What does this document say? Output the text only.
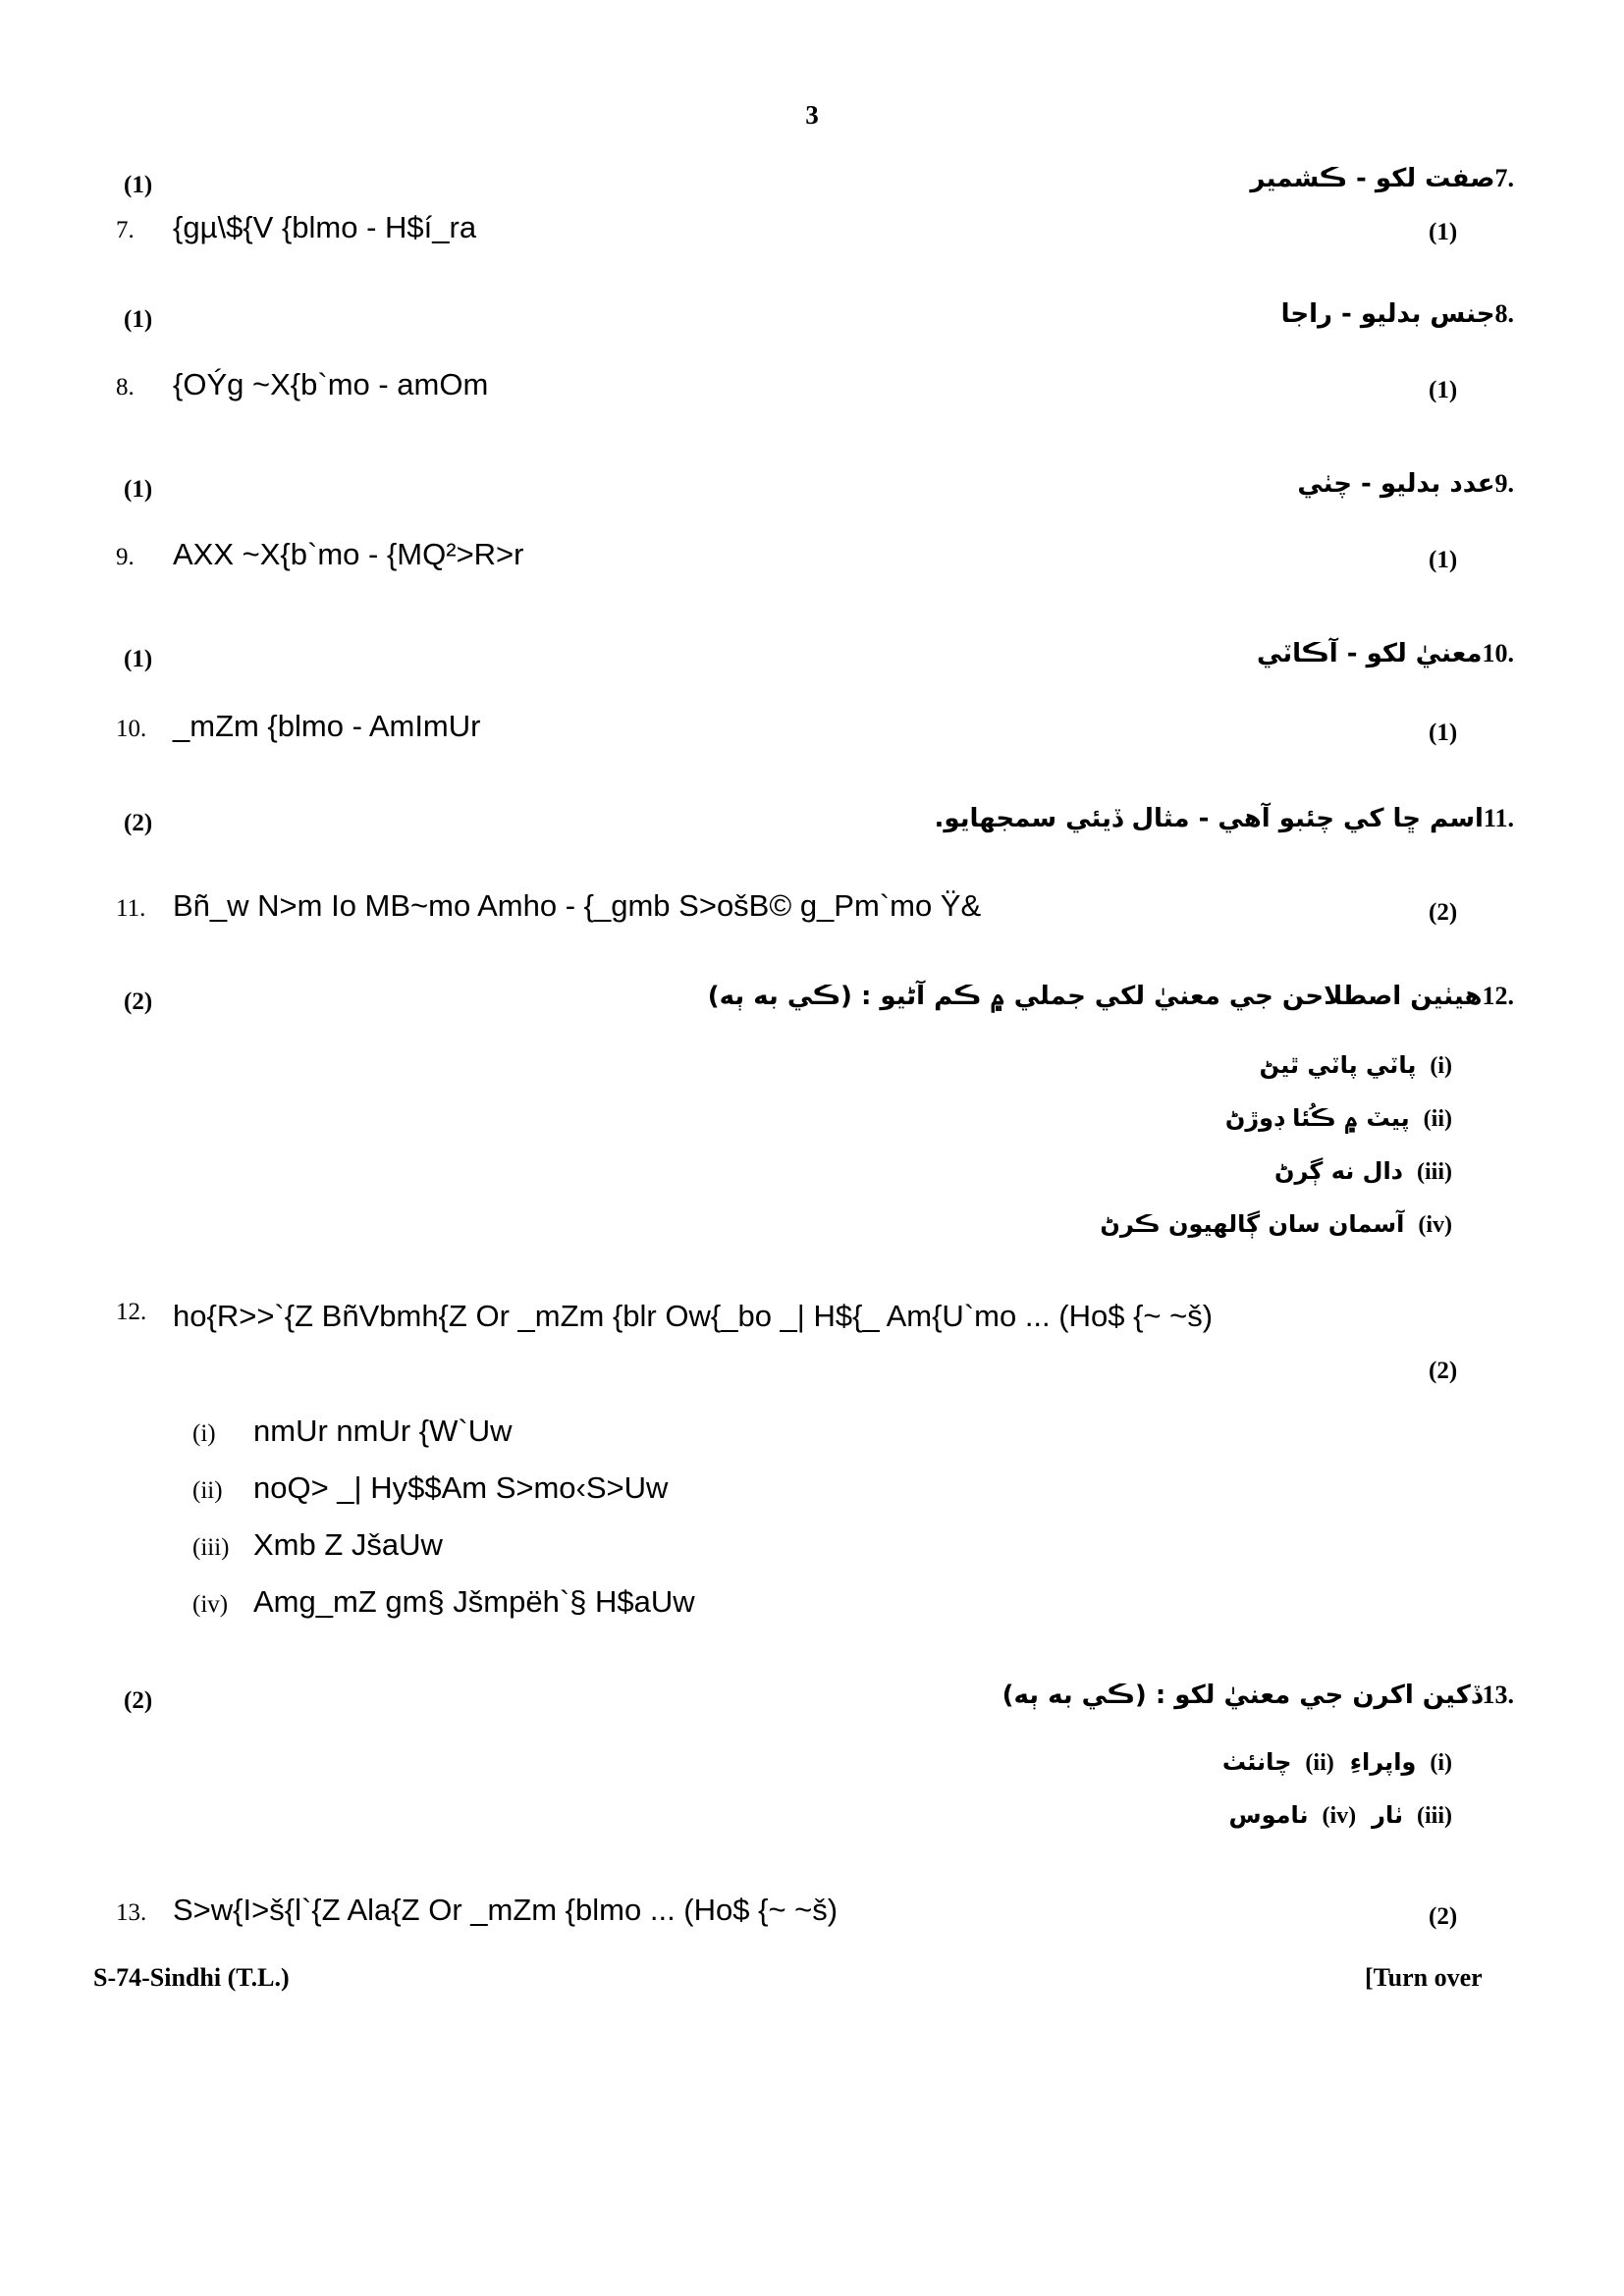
3
(1)	7.صفت لکو - ڪشمير
(1)
7. {gµ\${V {blmo - H$í_ra
(1)	8.جنس بدليو - راجا
(1)
8. {OÝg ~X{b`mo - amOm
(1)	9.عدد بدليو - چٺي
(1)
9. AXX ~X{b`mo - {MQ²>R>r
(1)	10.معنيٰ لکو - آڪاٽي
(1)
10. _mZm {blmo - AmImUr
(2)	11.اسم ڇا کي چئبو آهي - مثال ڏيئي سمجھايو.
(2)
11. Bñ_w N>m Io MB~mo Amho - {_gmb S>ošB© g_Pm`mo Ÿ&
(2)	12.هيٺين اصطلاحن جي معنيٰ لکي جملي ۾ ڪم آڻيو : (ڪي به ٻه)
(i)پاٽي پاٽي ٿيڻ
(ii)پيٽ ۾ ڪُئا ڊوڙڻ
(iii)دال نه ڳرڻ
(iv)آسمان سان ڳالهيون ڪرڻ
12. ho{R>>`{Z BñVbmh{Z Or _mZm {blr Ow{_bo _| H${_ Am{U`mo ... (Ho$ {~ ~š)
(2)
(i) nmUr nmUr {W`Uw
(ii) noQ> _| Hy$$Am S>mo‹S>Uw
(iii) Xmb Z JšaUw
(iv) Amg_mZ gm§ Jšmpëh`§ H$aUw
(2)	13.ڏکين اکرن جي معنيٰ لکو : (ڪي به ٻه)
(i)واپراءِ(ii)چانئٺ
(iii)ٺار(iv)ناموس
(2)
13. S>w{I>š{l`{Z Ala{Z Or _mZm {blmo ... (Ho$ {~ ~š)
S-74-Sindhi (T.L.)	[Turn over
